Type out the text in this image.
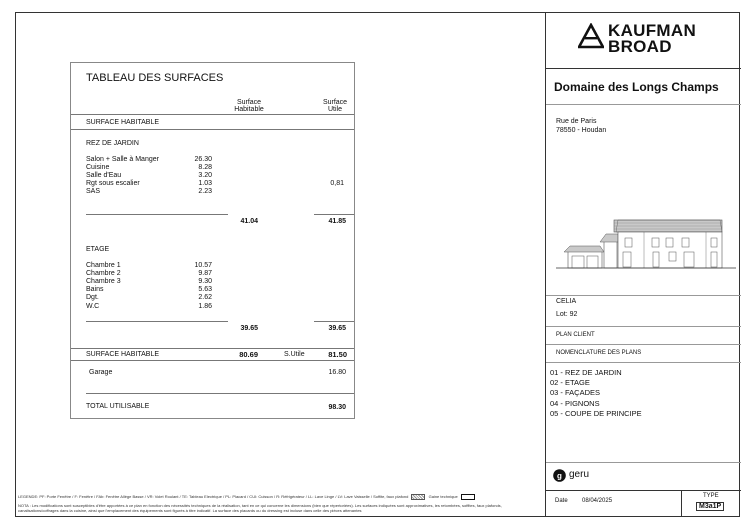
TABLEAU DES SURFACES
Surface
Habitable
Surface
Utile
SURFACE HABITABLE
REZ DE JARDIN
Salon + Salle à Manger	26.30
Cuisine	8.28
Salle d'Eau	3.20
Rgt sous escalier	1.03	0,81
SAS	2.23
41.04	41.85
ETAGE
Chambre 1	10.57
Chambre 2	9.87
Chambre 3	9.30
Bains	5.63
Dgt.	2.62
W.C	1.86
39.65	39.65
SURFACE HABITABLE	80.69	S.Utile	81.50
Garage	16.80
TOTAL UTILISABLE	98.30
KAUFMAN
BROAD
Domaine des Longs Champs
Rue de Paris
78550 - Houdan
CELIA
Lot: 92
PLAN CLIENT
NOMENCLATURE DES PLANS
01 - REZ DE JARDIN
02 - ETAGE
03 - FAÇADES
04 - PIGNONS
05 - COUPE DE PRINCIPE
g geru
Date 08/04/2025
TYPE
M3a1P
LEGENDE: PF: Porte Fenêtre / F: Fenêtre / FAb: Fenêtre Allège Basse / VR: Volet Roulant / TE: Tableau Electrique / PL: Placard / CUI: Cuisson / R: Réfrigérateur / LL: Lave Linge / LV: Lave Vaisselle / Soffite, faux plafond	Gaine technique
NOTA : Les modifications sont susceptibles d'être apportées à ce plan en fonction des nécessités techniques de la réalisation, tant en ce qui concerne les dimensions (bien que répertoriées). Les surfaces indiquées sont approximatives, les retombées, soffites, faux plafonds,
canalisations/coffrages dans la cuisine, ainsi que l'emplacement des équipements sont figurés à titre indicatif. La surface des placards ou du dressing est incluse dans celle des pièces attenantes
